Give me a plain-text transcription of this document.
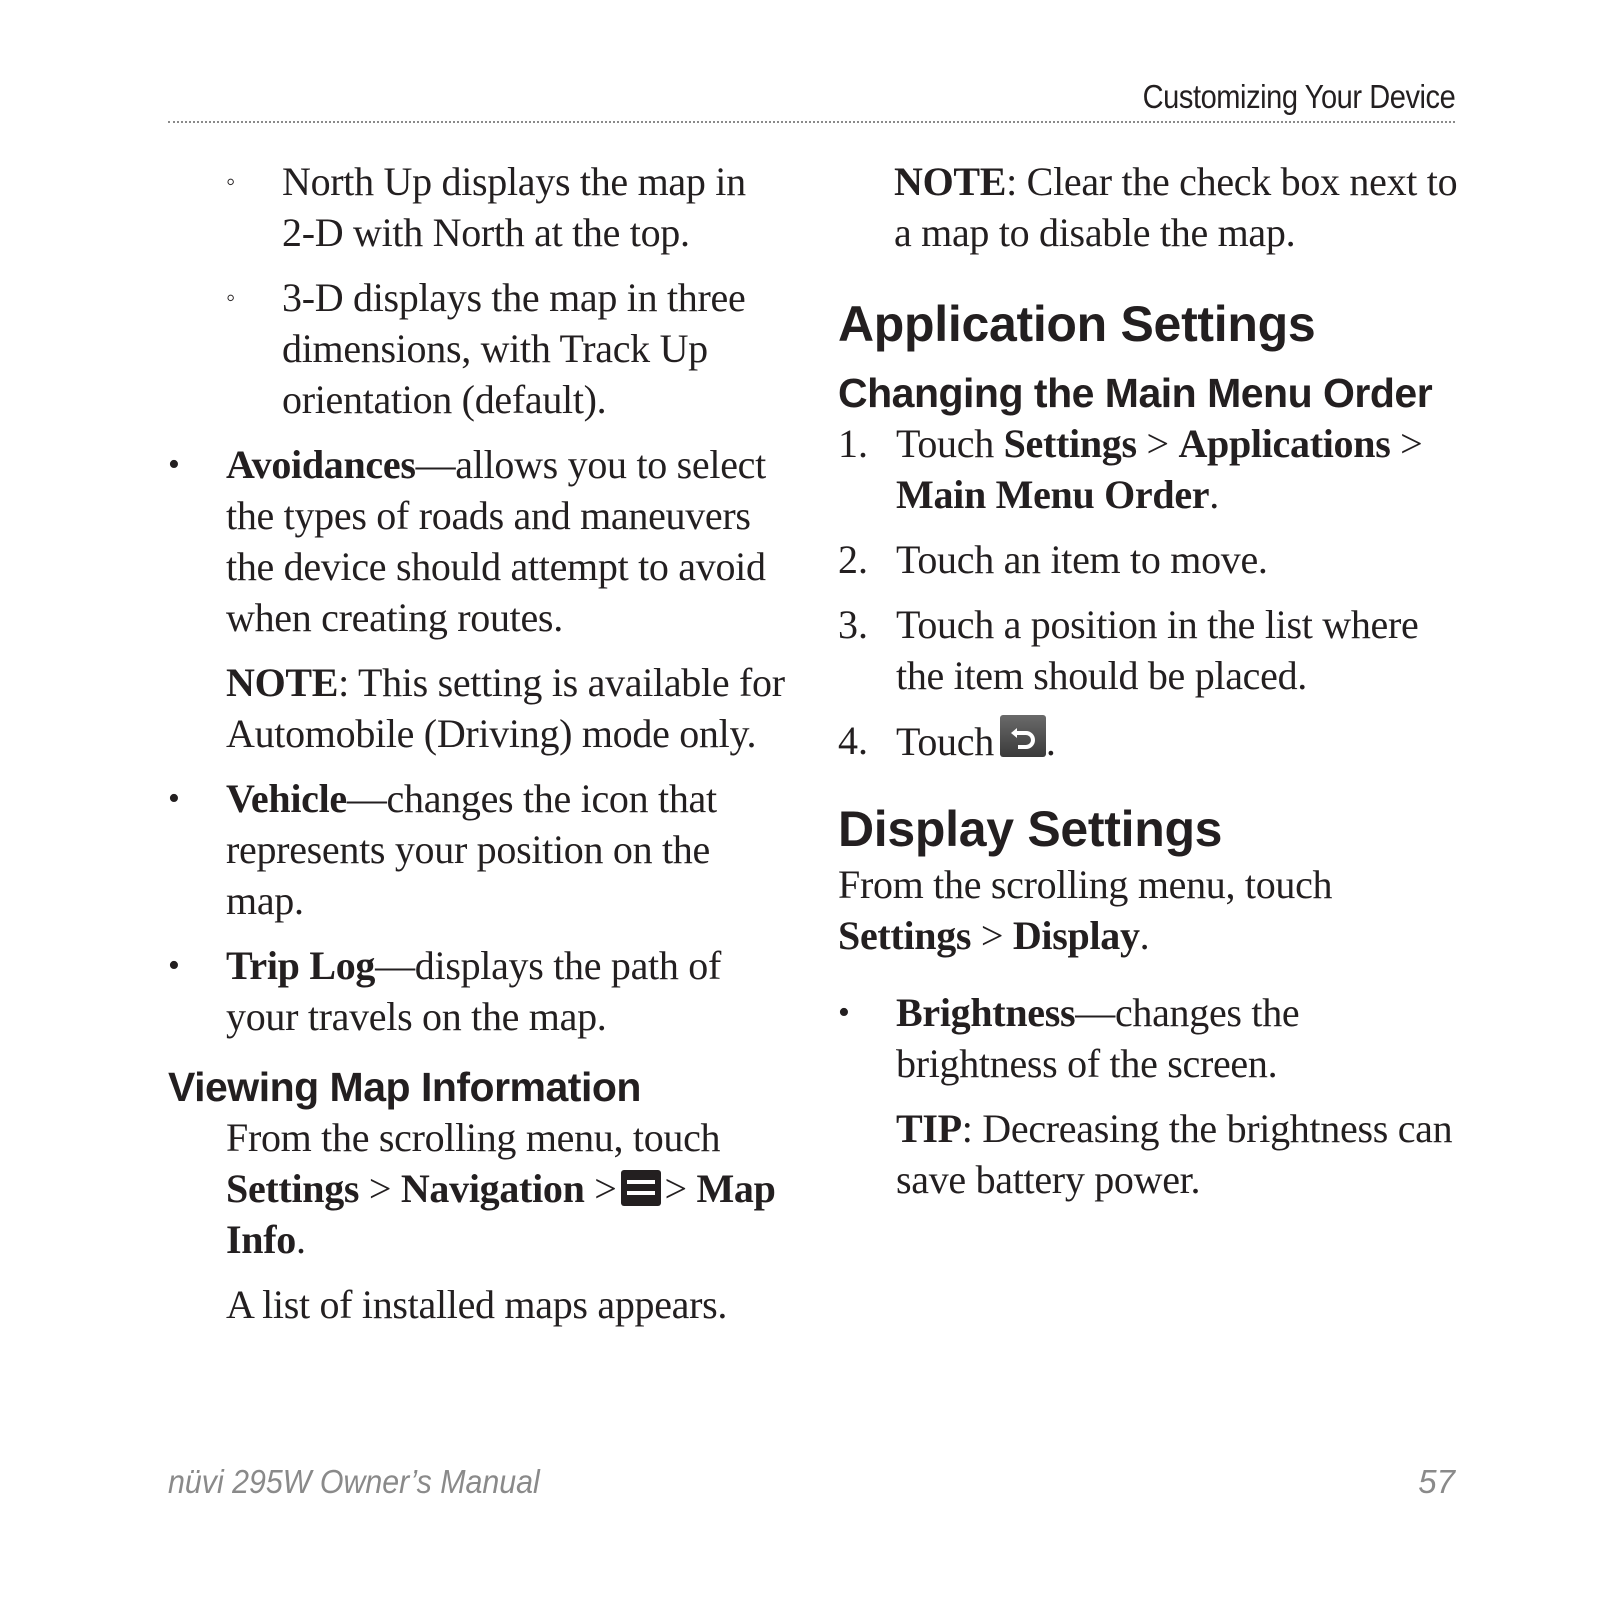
Customizing Your Device
◦ North Up displays the map in
2-D with North at the top.
◦ 3-D displays the map in three
dimensions, with Track Up
orientation (default).
• Avoidances—allows you to select
the types of roads and maneuvers
the device should attempt to avoid
when creating routes.
NOTE: This setting is available for
Automobile (Driving) mode only.
• Vehicle—changes the icon that
represents your position on the
map.
• Trip Log—displays the path of
your travels on the map.
Viewing Map Information
From the scrolling menu, touch
Settings > Navigation > > Map
Info.
A list of installed maps appears.
NOTE: Clear the check box next to
a map to disable the map.
Application Settings
Changing the Main Menu Order
1. Touch Settings > Applications >
Main Menu Order.
2. Touch an item to move.
3. Touch a position in the list where
the item should be placed.
4. Touch .
Display Settings
From the scrolling menu, touch
Settings > Display.
• Brightness—changes the
brightness of the screen.
TIP: Decreasing the brightness can
save battery power.
nüvi 295W Owner’s Manual	57
